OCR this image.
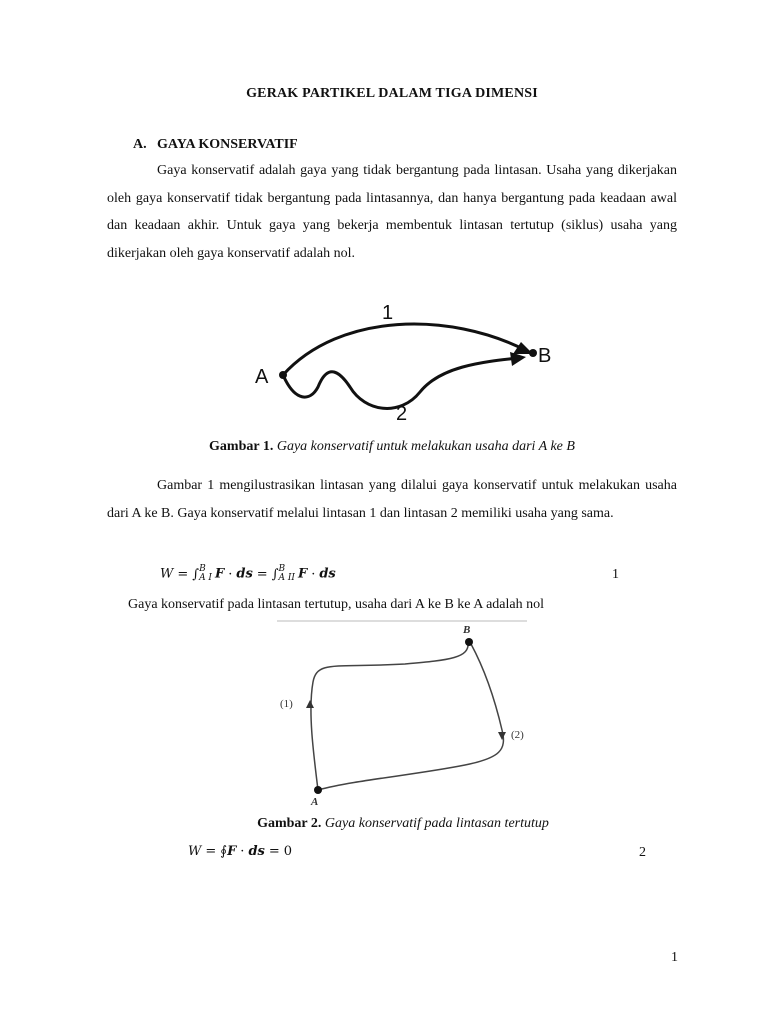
GERAK PARTIKEL DALAM TIGA DIMENSI
A. GAYA KONSERVATIF

Gaya konservatif adalah gaya yang tidak bergantung pada lintasan. Usaha yang dikerjakan oleh gaya konservatif tidak bergantung pada lintasannya, dan hanya bergantung pada keadaan awal dan keadaan akhir. Untuk gaya yang bekerja membentuk lintasan tertutup (siklus) usaha yang dikerjakan oleh gaya konservatif adalah nol.

A
B
1
2
Gambar 1. Gaya konservatif untuk melakukan usaha dari A ke B

Gambar 1 mengilustrasikan lintasan yang dilalui gaya konservatif untuk melakukan usaha dari A ke B. Gaya konservatif melalui lintasan 1 dan lintasan 2 memiliki usaha yang sama.

W = ∫ B
A I F · ds = ∫ B
A II F · ds	1
Gaya konservatif pada lintasan tertutup, usaha dari A ke B ke A adalah nol
B
A
(1)
(2)
Gambar 2. Gaya konservatif pada lintasan tertutup
W = ∮F · ds = 0	2
1
